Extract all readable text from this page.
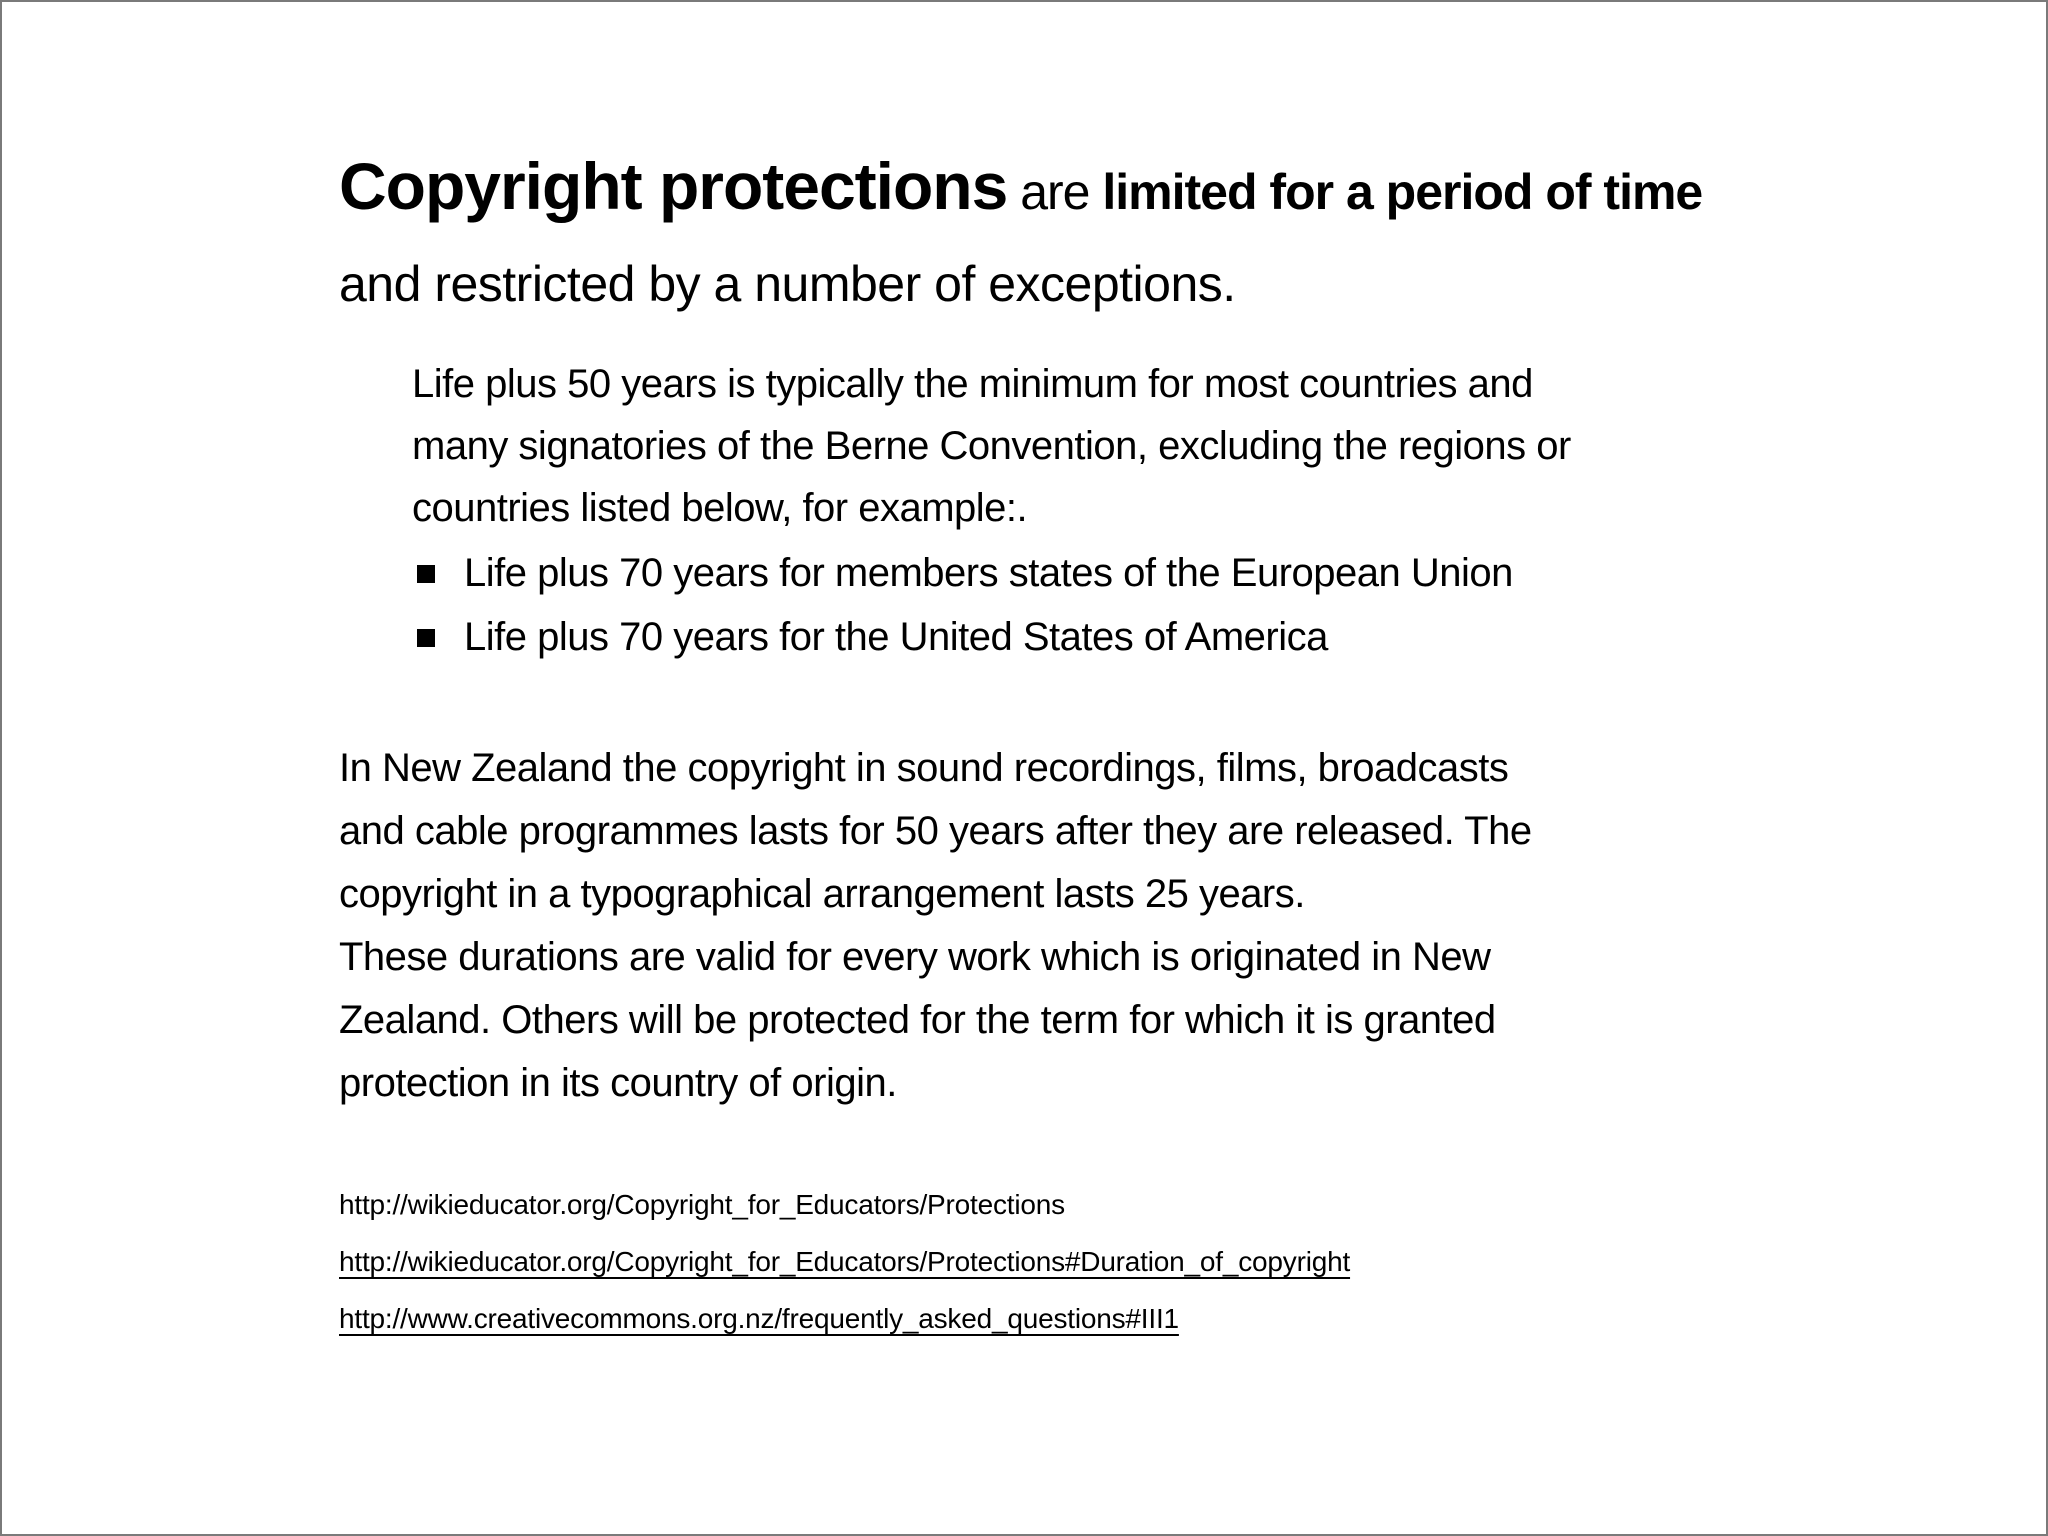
Copyright protections are limited for a period of time
and restricted by a number of exceptions.
Life plus 50 years is typically the minimum for most countries and
many signatories of the Berne Convention, excluding the regions or
countries listed below, for example:.
Life plus 70 years for members states of the European Union
Life plus 70 years for the United States of America
In New Zealand the copyright in sound recordings, films, broadcasts
and cable programmes lasts for 50 years after they are released. The
copyright in a typographical arrangement lasts 25 years.
These durations are valid for every work which is originated in New
Zealand. Others will be protected for the term for which it is granted
protection in its country of origin.
http://wikieducator.org/Copyright_for_Educators/Protections
http://wikieducator.org/Copyright_for_Educators/Protections#Duration_of_copyright
http://www.creativecommons.org.nz/frequently_asked_questions#III1
